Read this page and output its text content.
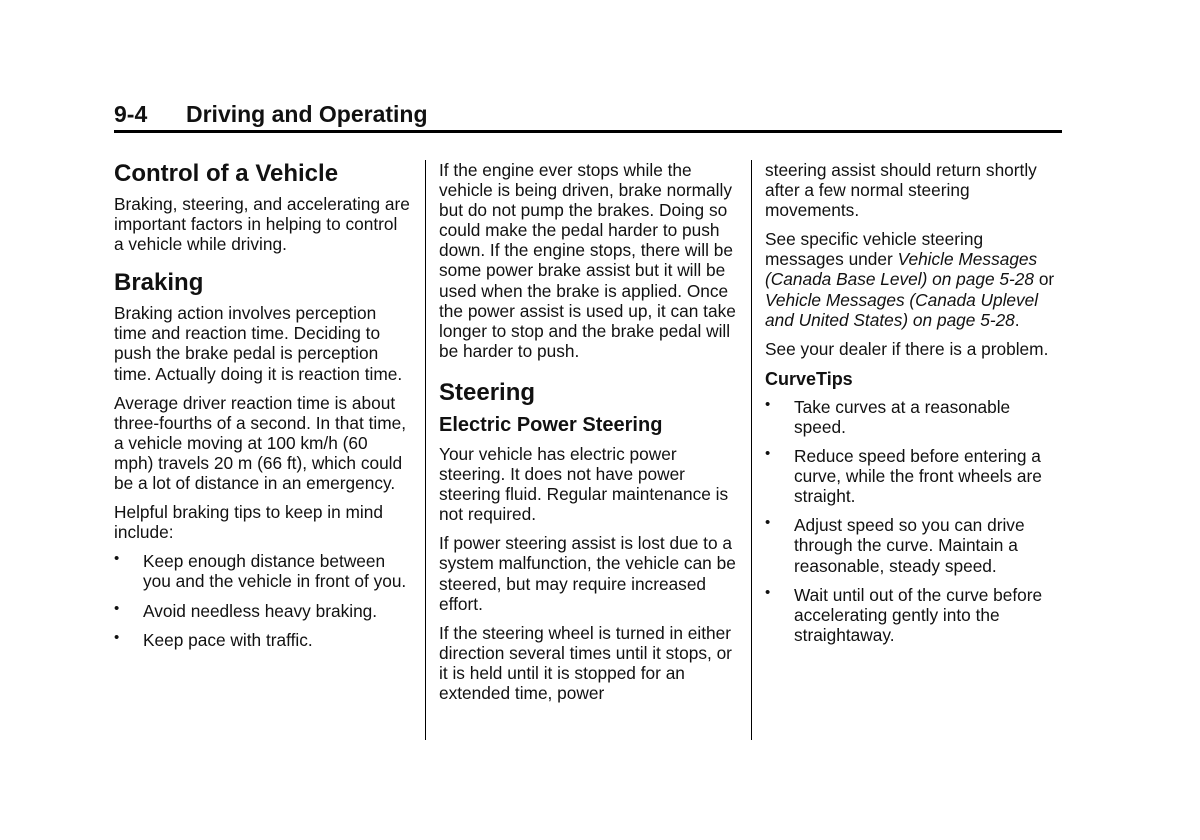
9-4 Driving and Operating
Control of a Vehicle

Braking, steering, and accelerating are important factors in helping to control a vehicle while driving.

Braking

Braking action involves perception time and reaction time. Deciding to push the brake pedal is perception time. Actually doing it is reaction time.

Average driver reaction time is about three-fourths of a second. In that time, a vehicle moving at 100 km/h (60 mph) travels 20 m (66 ft), which could be a lot of distance in an emergency.

Helpful braking tips to keep in mind include:

• Keep enough distance between you and the vehicle in front of you.
• Avoid needless heavy braking.
• Keep pace with traffic.

If the engine ever stops while the vehicle is being driven, brake normally but do not pump the brakes. Doing so could make the pedal harder to push down. If the engine stops, there will be some power brake assist but it will be used when the brake is applied. Once the power assist is used up, it can take longer to stop and the brake pedal will be harder to push.

Steering
Electric Power Steering

Your vehicle has electric power steering. It does not have power steering fluid. Regular maintenance is not required.

If power steering assist is lost due to a system malfunction, the vehicle can be steered, but may require increased effort.

If the steering wheel is turned in either direction several times until it stops, or it is held until it is stopped for an extended time, power

steering assist should return shortly after a few normal steering movements.

See specific vehicle steering messages under Vehicle Messages (Canada Base Level) on page 5-28 or Vehicle Messages (Canada Uplevel and United States) on page 5-28.

See your dealer if there is a problem.

CurveTips
• Take curves at a reasonable speed.
• Reduce speed before entering a curve, while the front wheels are straight.
• Adjust speed so you can drive through the curve. Maintain a reasonable, steady speed.
• Wait until out of the curve before accelerating gently into the straightaway.
